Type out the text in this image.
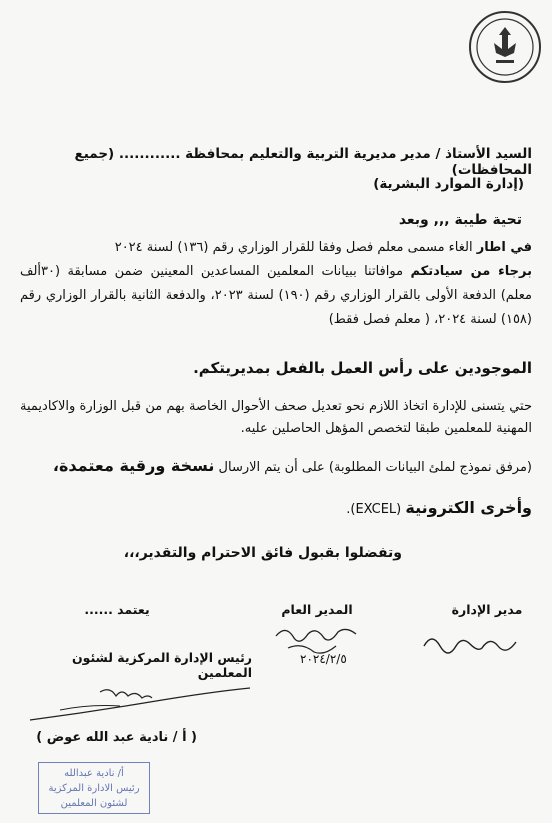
السيد الأستاذ / مدير مديرية التربية والتعليم بمحافظة ............ (جميع المحافظات)
(إدارة الموارد البشرية)
تحية طيبة ,,, وبعد
في اطار الغاء مسمى معلم فصل وفقا للقرار الوزاري رقم (١٣٦) لسنة ٢٠٢٤
برجاء من سيادتكم موافاتنا ببيانات المعلمين المساعدين المعينين ضمن مسابقة (٣٠ألف معلم) الدفعة الأولى بالقرار الوزاري رقم (١٩٠) لسنة ٢٠٢٣، والدفعة الثانية بالقرار الوزاري رقم (١٥٨) لسنة ٢٠٢٤، ( معلم فصل فقط)
الموجودين على رأس العمل بالفعل بمديريتكم.
حتي يتسنى للإدارة اتخاذ اللازم نحو تعديل صحف الأحوال الخاصة بهم من قبل الوزارة والاكاديمية المهنية للمعلمين طبقا لتخصص المؤهل الحاصلين عليه.
(مرفق نموذج لملئ البيانات المطلوبة) على أن يتم الارسال نسخة ورقية معتمدة،
وأخرى الكترونية (EXCEL).
وتفضلوا بقبول فائق الاحترام والتقدير،،،
مدير الإدارة
المدير العام
يعتمد ......
رئيس الإدارة المركزية لشئون المعلمين
٢٠٢٤/٢/٥
( أ / نادية عبد الله عوض )
أ/ نادية عبدالله
رئيس الادارة المركزية
لشئون المعلمين
